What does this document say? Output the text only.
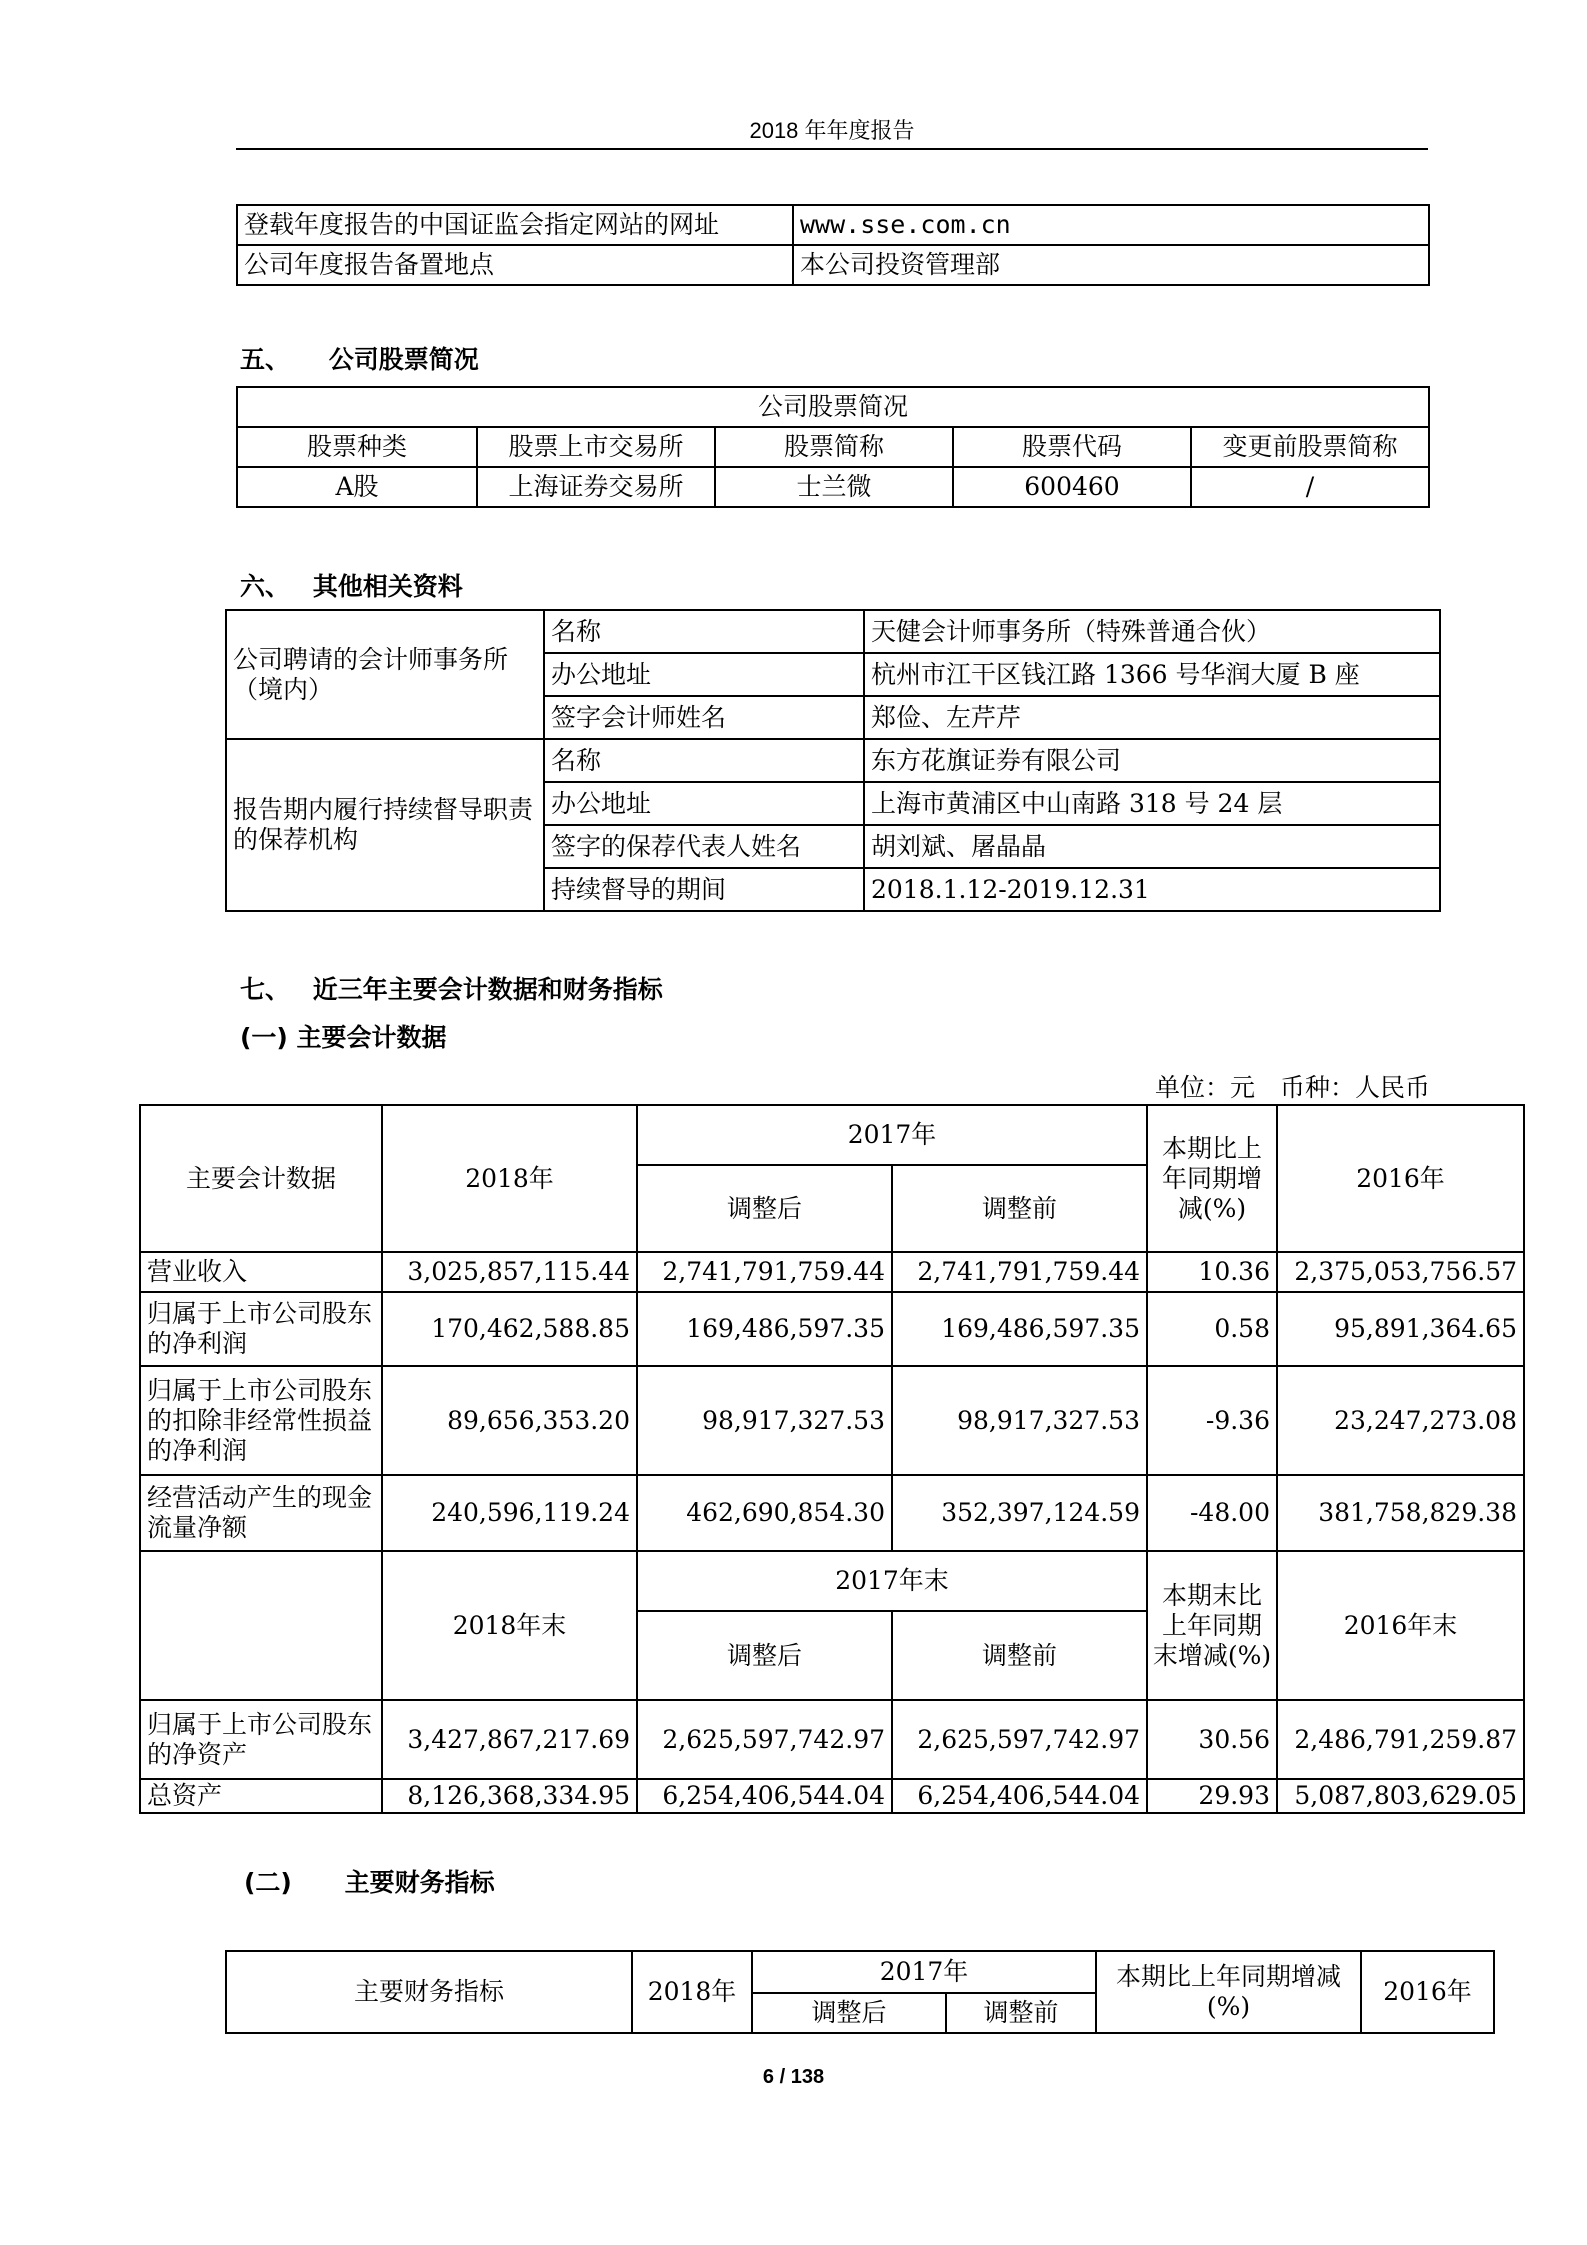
2018 年年度报告
登载年度报告的中国证监会指定网站的网址	www.sse.com.cn
公司年度报告备置地点	本公司投资管理部
五、 公司股票简况
公司股票简况				
股票种类	股票上市交易所	股票简称	股票代码	变更前股票简称
A股	上海证券交易所	士兰微	600460	/
六、 其他相关资料
公司聘请的会计师事务所（境内）	名称	天健会计师事务所（特殊普通合伙）
	办公地址	杭州市江干区钱江路 1366 号华润大厦 B 座
	签字会计师姓名	郑俭、左芹芹
报告期内履行持续督导职责的保荐机构	名称	东方花旗证券有限公司
	办公地址	上海市黄浦区中山南路 318 号 24 层
	签字的保荐代表人姓名	胡刘斌、屠晶晶
	持续督导的期间	2018.1.12-2019.12.31
七、 近三年主要会计数据和财务指标
(一) 主要会计数据
单位：元　币种：人民币
主要会计数据	2018年	2017年		本期比上年同期增减(%)	2016年
		调整后	调整前		
营业收入	3,025,857,115.44	2,741,791,759.44	2,741,791,759.44	10.36	2,375,053,756.57
归属于上市公司股东的净利润	170,462,588.85	169,486,597.35	169,486,597.35	0.58	95,891,364.65
归属于上市公司股东的扣除非经常性损益的净利润	89,656,353.20	98,917,327.53	98,917,327.53	-9.36	23,247,273.08
经营活动产生的现金流量净额	240,596,119.24	462,690,854.30	352,397,124.59	-48.00	381,758,829.38
	2018年末	2017年末		本期末比上年同期末增减(%)	2016年末
		调整后	调整前		
归属于上市公司股东的净资产	3,427,867,217.69	2,625,597,742.97	2,625,597,742.97	30.56	2,486,791,259.87
总资产	8,126,368,334.95	6,254,406,544.04	6,254,406,544.04	29.93	5,087,803,629.05
(二) 主要财务指标
主要财务指标	2018年	2017年		本期比上年同期增减(%)	2016年
		调整后	调整前		
6 / 138
